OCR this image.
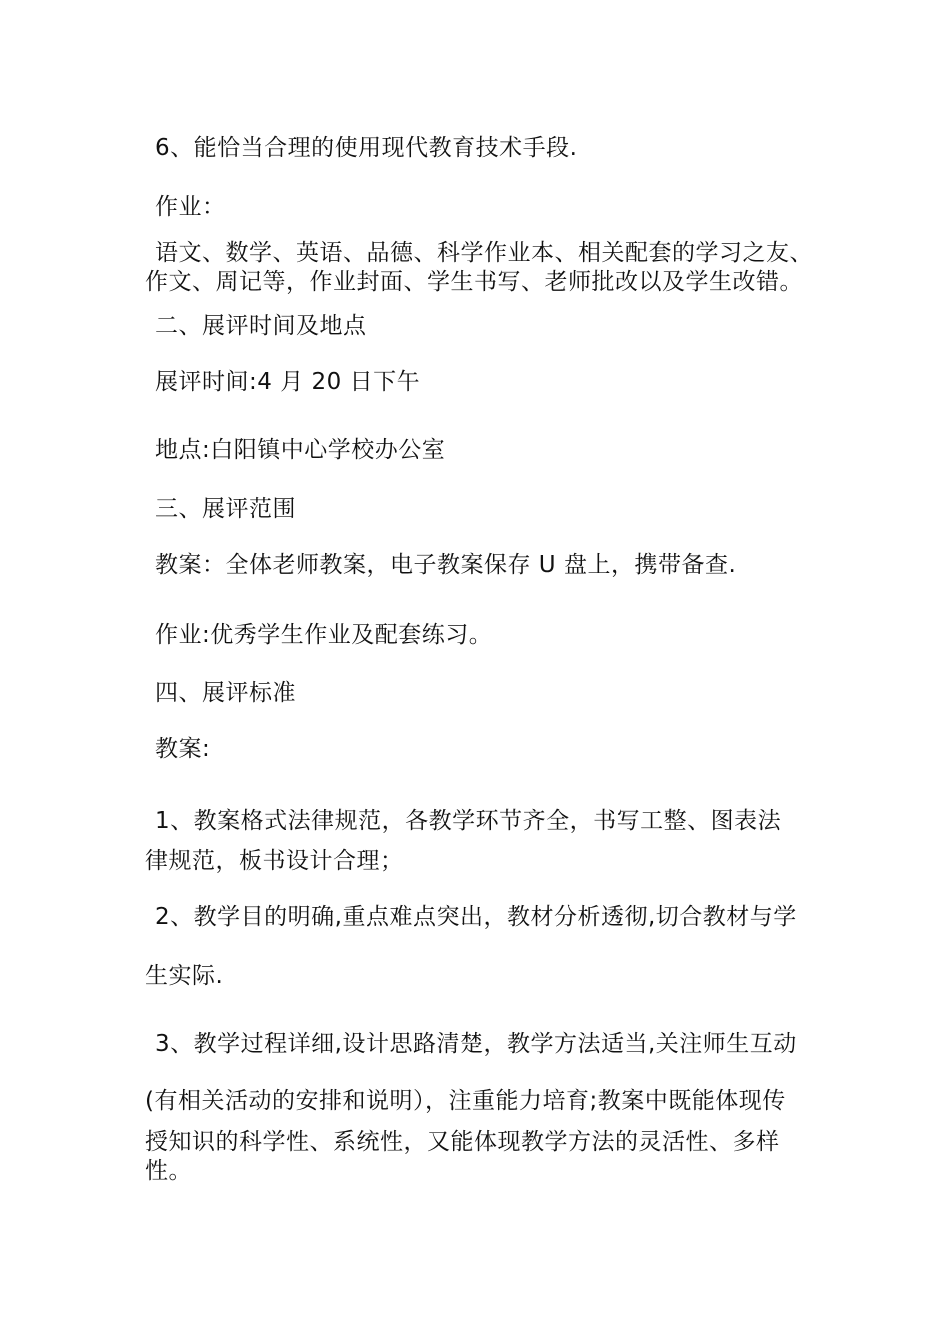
6、能恰当合理的使用现代教育技术手段.
作业：
语文、数学、英语、品德、科学作业本、相关配套的学习之友、
作文、周记等，作业封面、学生书写、老师批改以及学生改错。
二、展评时间及地点
展评时间:4 月 20 日下午
地点:白阳镇中心学校办公室
三、展评范围
教案：全体老师教案，电子教案保存 U 盘上，携带备查.
作业:优秀学生作业及配套练习。
四、展评标准
教案:
1、教案格式法律规范，各教学环节齐全，书写工整、图表法
律规范，板书设计合理；
2、教学目的明确,重点难点突出，教材分析透彻,切合教材与学
生实际.
3、教学过程详细,设计思路清楚，教学方法适当,关注师生互动
(有相关活动的安排和说明），注重能力培育;教案中既能体现传
授知识的科学性、系统性，又能体现教学方法的灵活性、多样
性。
